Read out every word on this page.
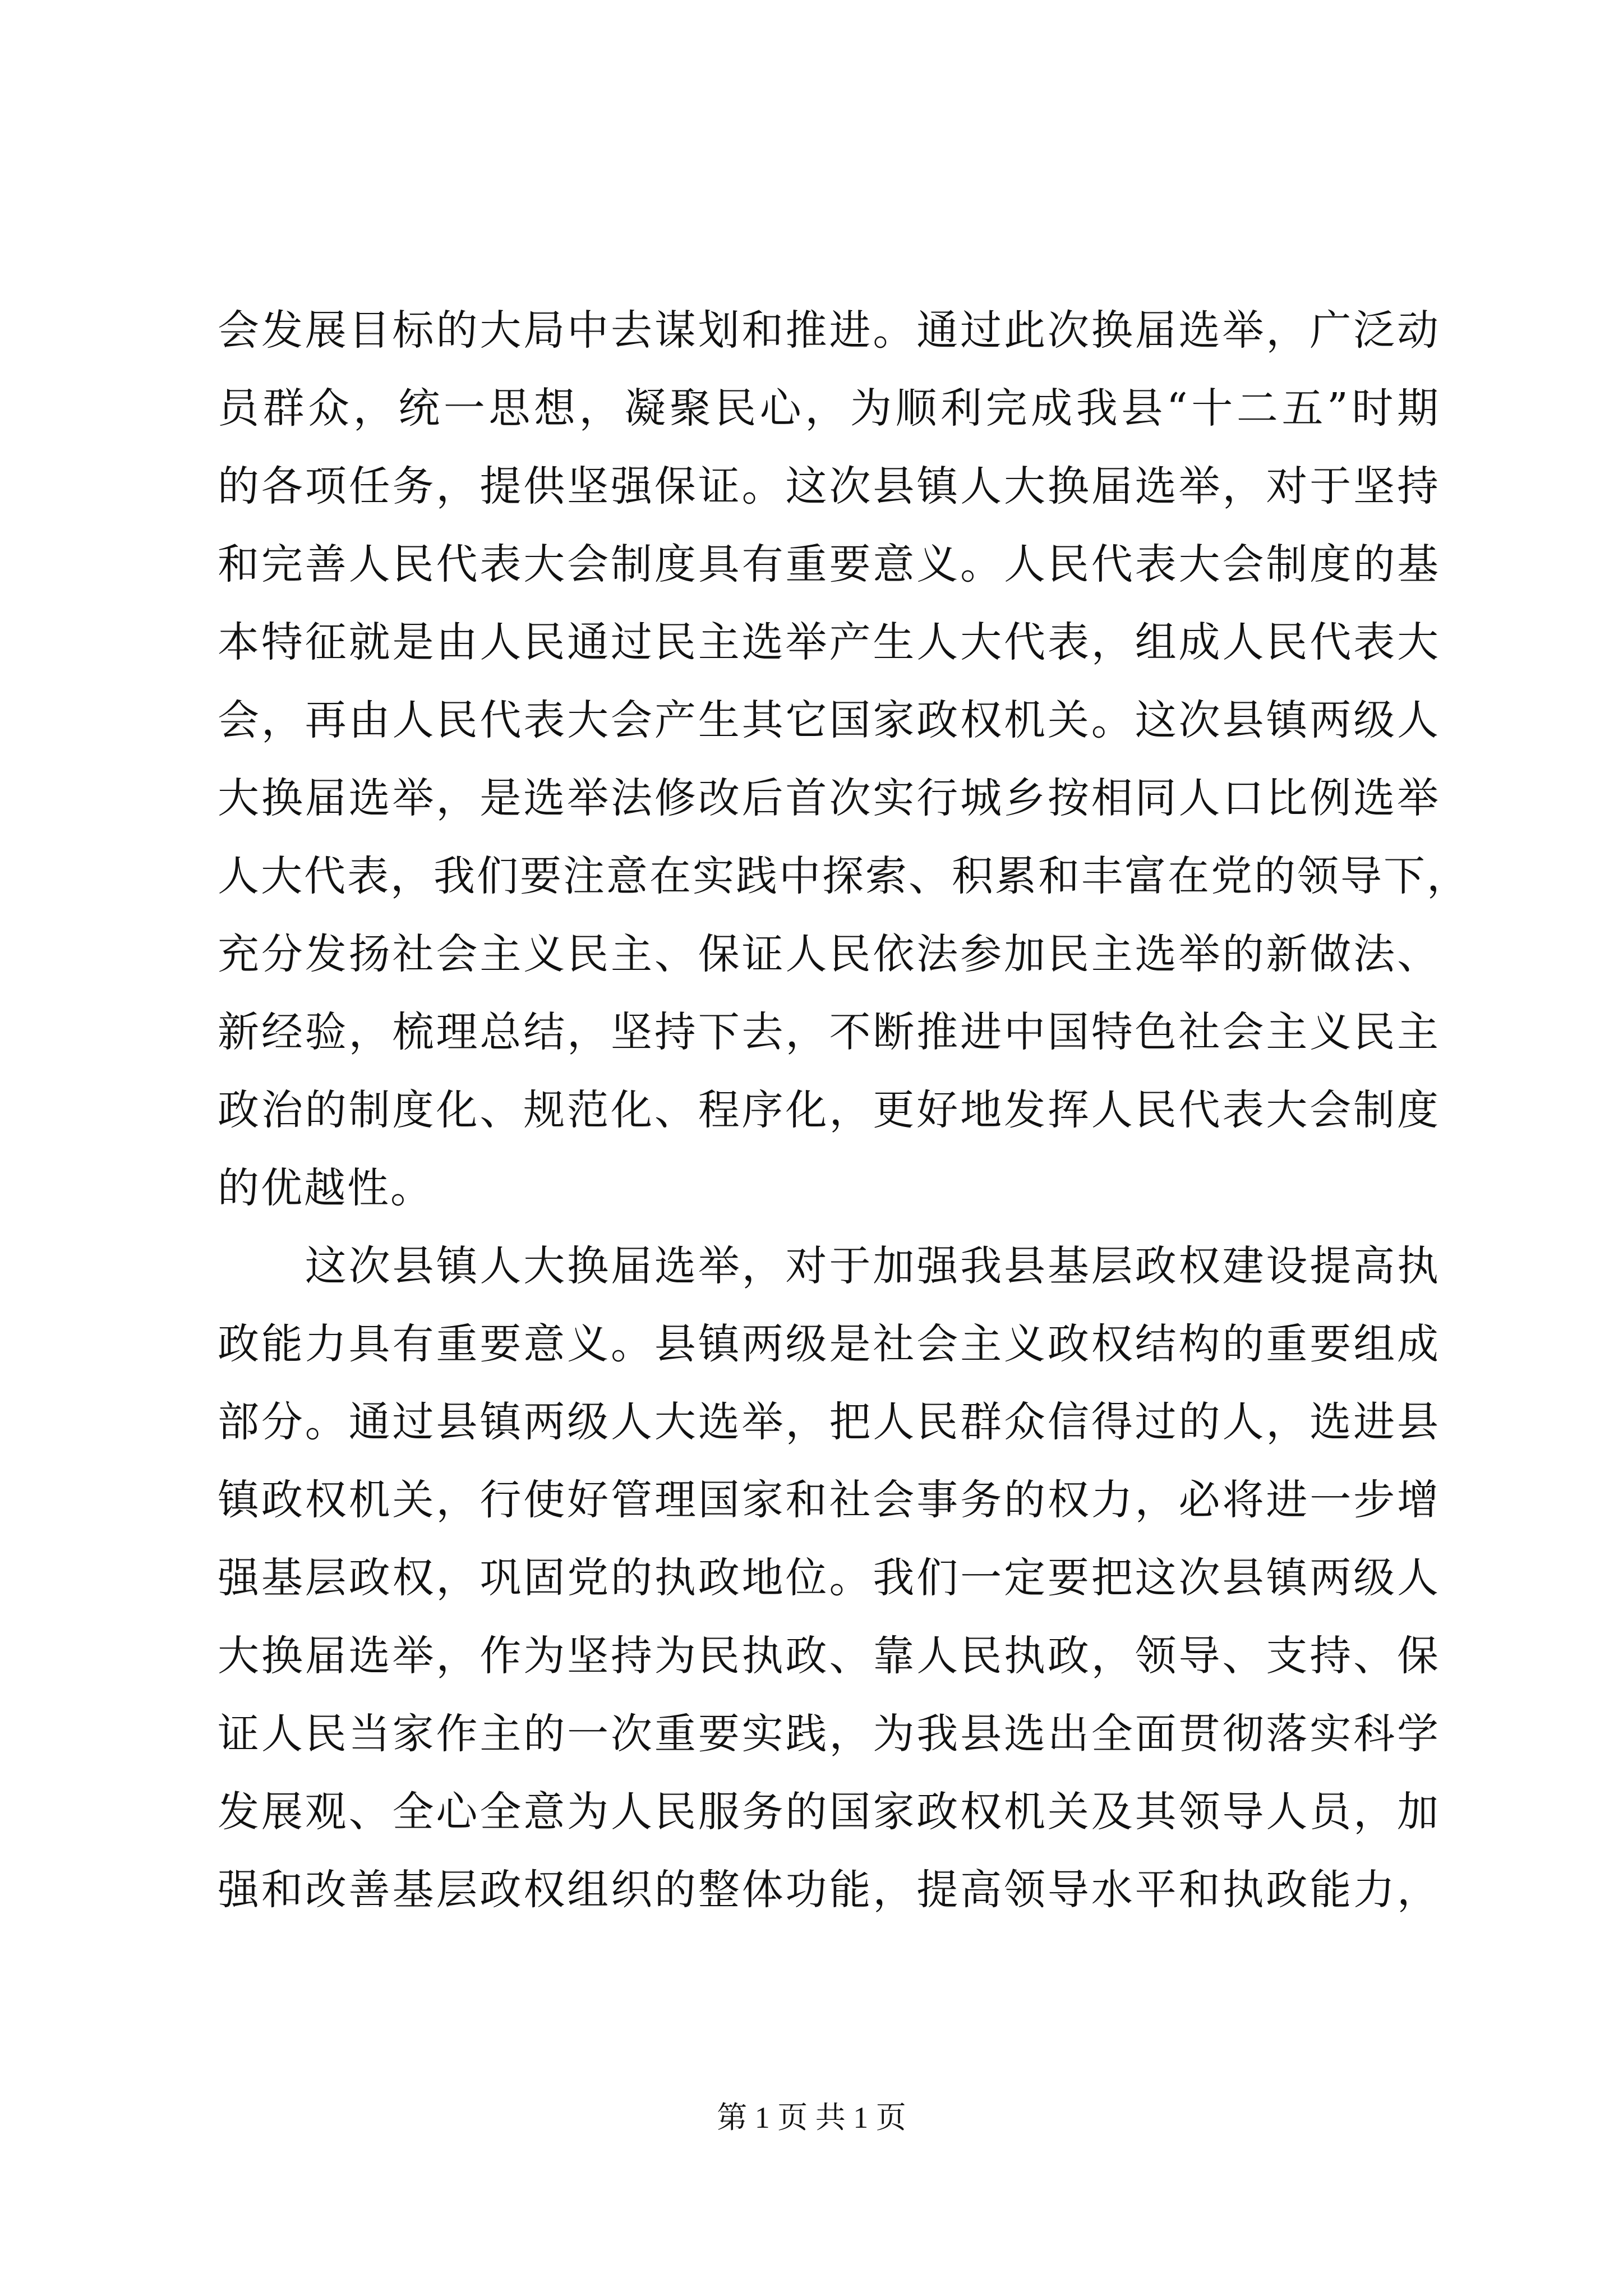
会发展目标的大局中去谋划和推进。通过此次换届选举，广泛动
员群众，统一思想，凝聚民心，为顺利完成我县“十二五”时期
的各项任务，提供坚强保证。这次县镇人大换届选举，对于坚持
和完善人民代表大会制度具有重要意义。人民代表大会制度的基
本特征就是由人民通过民主选举产生人大代表，组成人民代表大
会，再由人民代表大会产生其它国家政权机关。这次县镇两级人
大换届选举，是选举法修改后首次实行城乡按相同人口比例选举
人大代表，我们要注意在实践中探索、积累和丰富在党的领导下，
充分发扬社会主义民主、保证人民依法参加民主选举的新做法、
新经验，梳理总结，坚持下去，不断推进中国特色社会主义民主
政治的制度化、规范化、程序化，更好地发挥人民代表大会制度
的优越性。
　　这次县镇人大换届选举，对于加强我县基层政权建设提高执
政能力具有重要意义。县镇两级是社会主义政权结构的重要组成
部分。通过县镇两级人大选举，把人民群众信得过的人，选进县
镇政权机关，行使好管理国家和社会事务的权力，必将进一步增
强基层政权，巩固党的执政地位。我们一定要把这次县镇两级人
大换届选举，作为坚持为民执政、靠人民执政，领导、支持、保
证人民当家作主的一次重要实践，为我县选出全面贯彻落实科学
发展观、全心全意为人民服务的国家政权机关及其领导人员，加
强和改善基层政权组织的整体功能，提高领导水平和执政能力，
第 1 页 共 1 页
